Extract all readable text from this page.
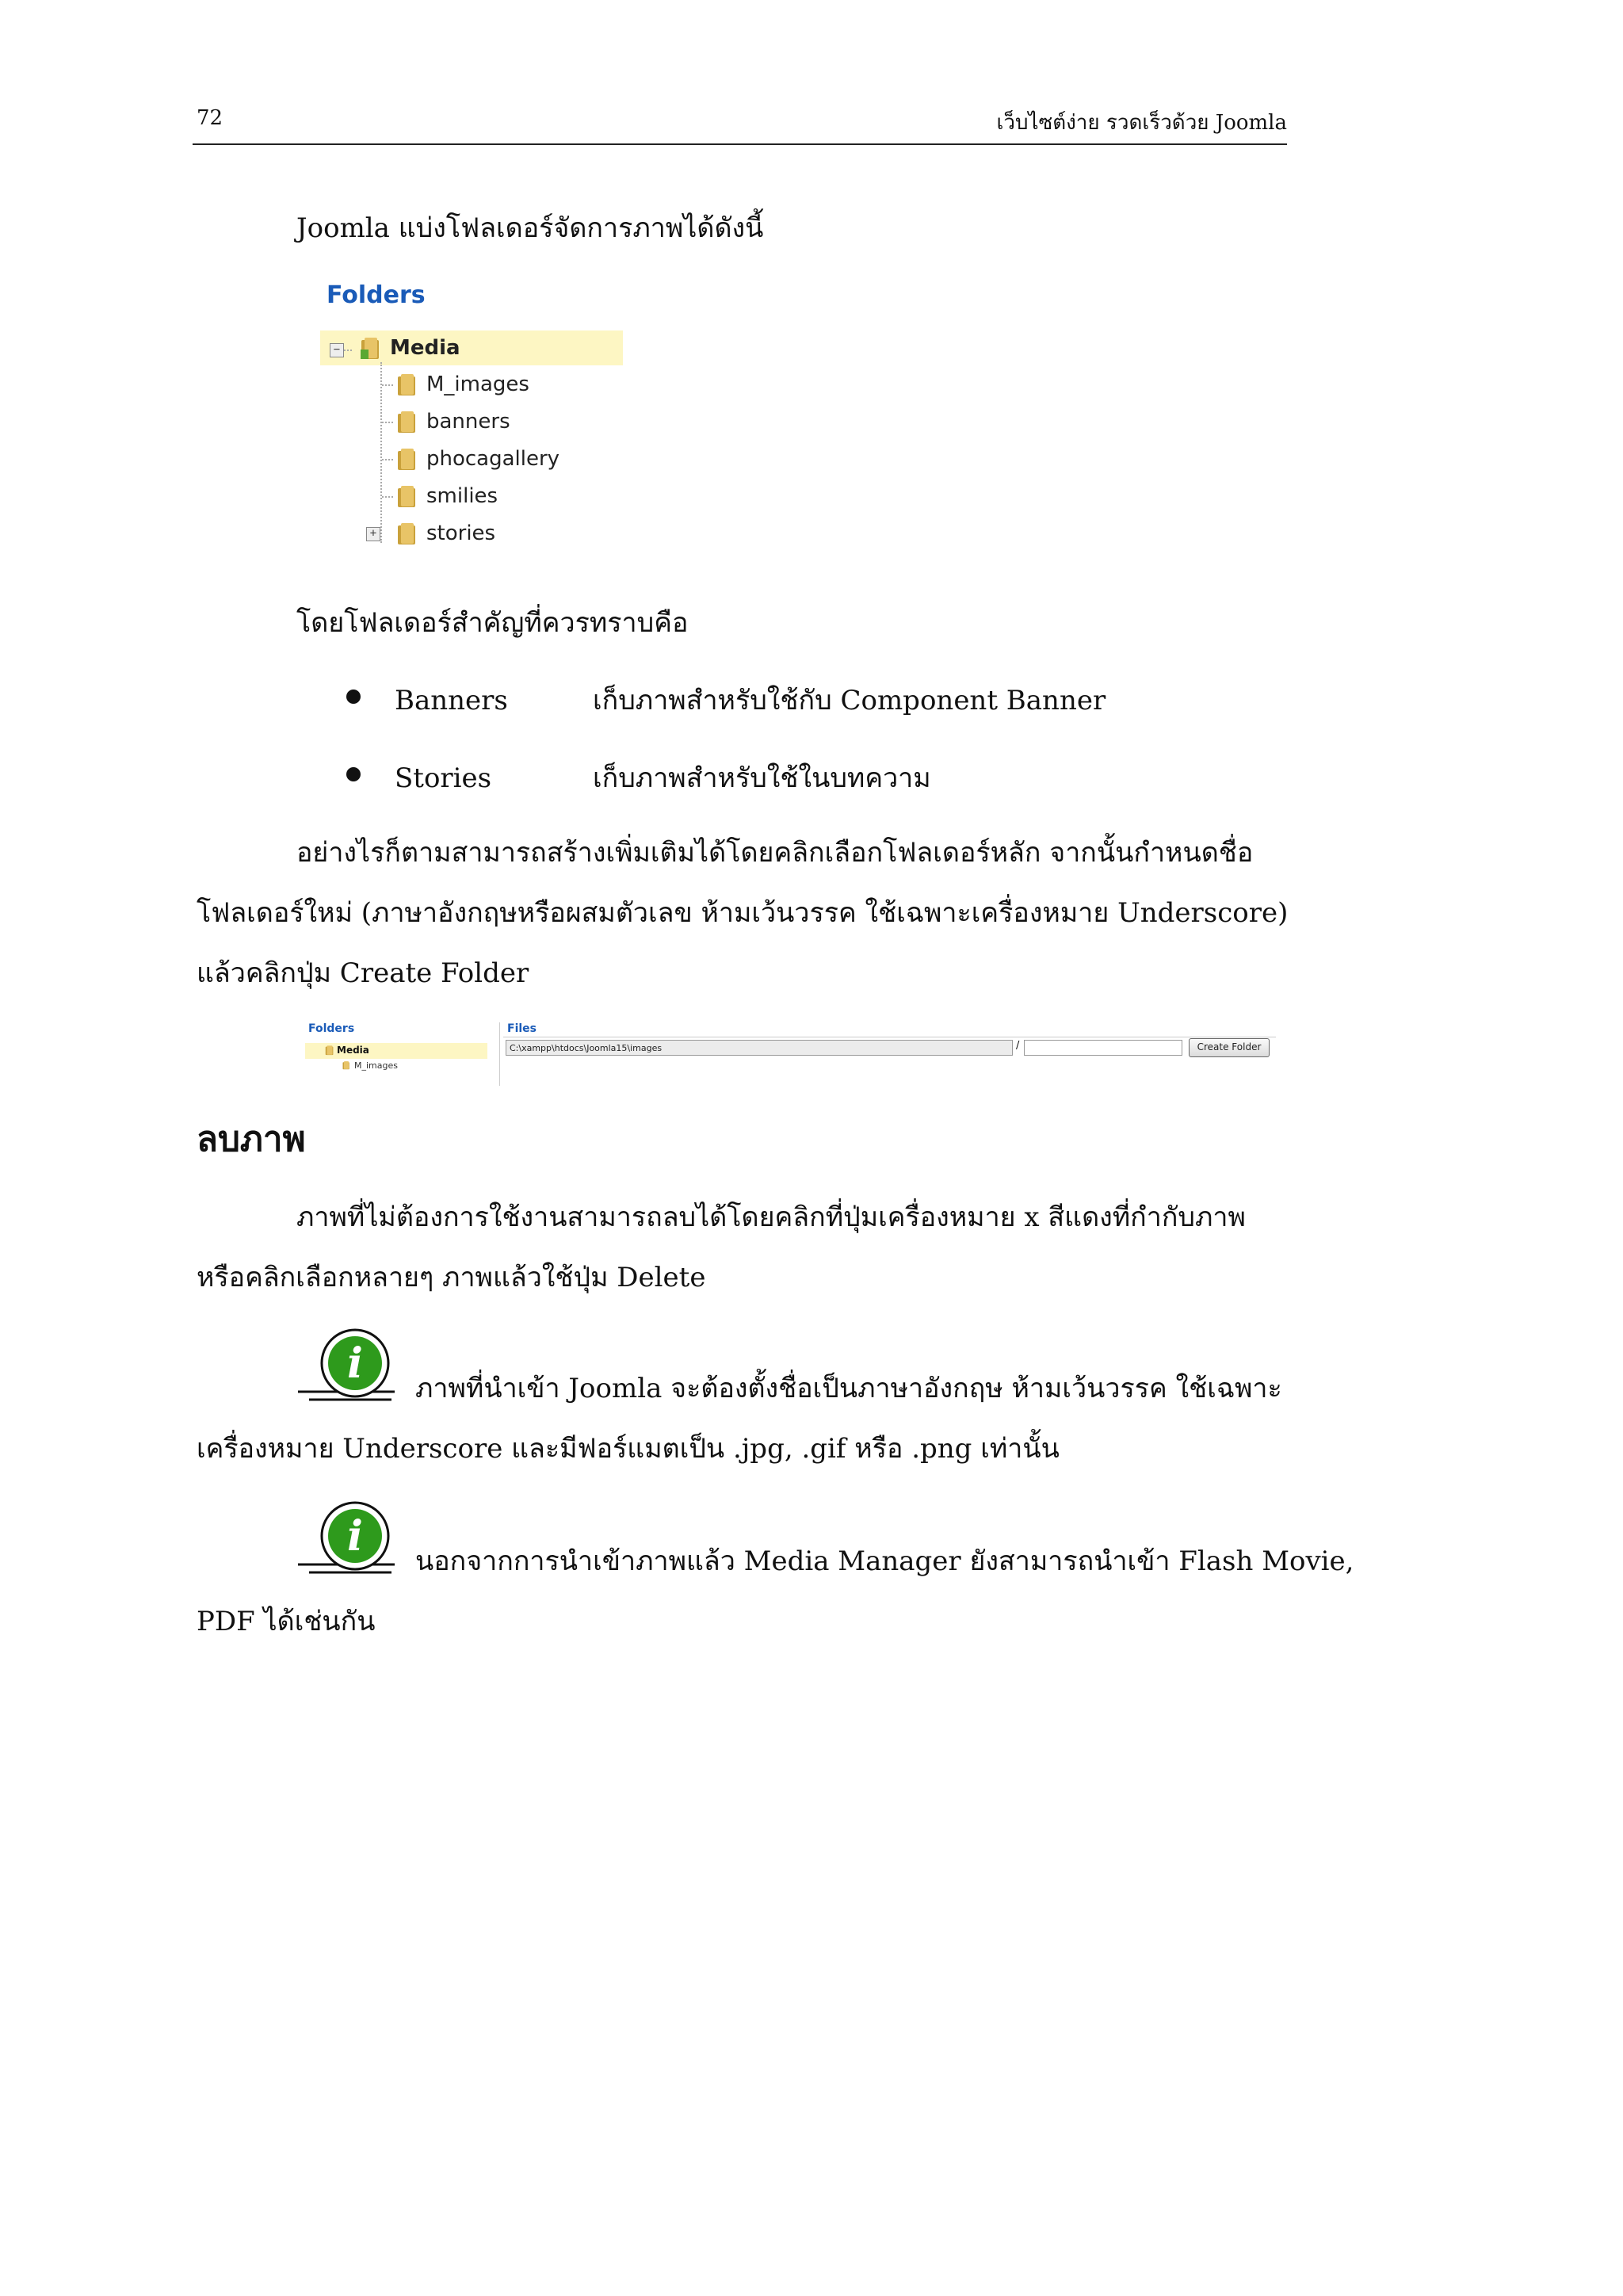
72	เว็บไซต์ง่าย รวดเร็วด้วย Joomla
Joomla แบ่งโฟลเดอร์จัดการภาพได้ดังนี้
Folders
− Media
M_images
banners
phocagallery
smilies
+ stories
โดยโฟลเดอร์สำคัญที่ควรทราบคือ
Banners	เก็บภาพสำหรับใช้กับ Component Banner
Stories	เก็บภาพสำหรับใช้ในบทความ
อย่างไรก็ตามสามารถสร้างเพิ่มเติมได้โดยคลิกเลือกโฟลเดอร์หลัก จากนั้นกำหนดชื่อ
โฟลเดอร์ใหม่ (ภาษาอังกฤษหรือผสมตัวเลข ห้ามเว้นวรรค ใช้เฉพาะเครื่องหมาย Underscore)
แล้วคลิกปุ่ม Create Folder
Folders	Files
Media
M_images
C:\xampp\htdocs\Joomla15\images	/	Create Folder
ลบภาพ
ภาพที่ไม่ต้องการใช้งานสามารถลบได้โดยคลิกที่ปุ่มเครื่องหมาย x สีแดงที่กำกับภาพ
หรือคลิกเลือกหลายๆ ภาพแล้วใช้ปุ่ม Delete
i
ภาพที่นำเข้า Joomla จะต้องตั้งชื่อเป็นภาษาอังกฤษ ห้ามเว้นวรรค ใช้เฉพาะ
เครื่องหมาย Underscore และมีฟอร์แมตเป็น .jpg, .gif หรือ .png เท่านั้น
i
นอกจากการนำเข้าภาพแล้ว Media Manager ยังสามารถนำเข้า Flash Movie,
PDF ได้เช่นกัน
